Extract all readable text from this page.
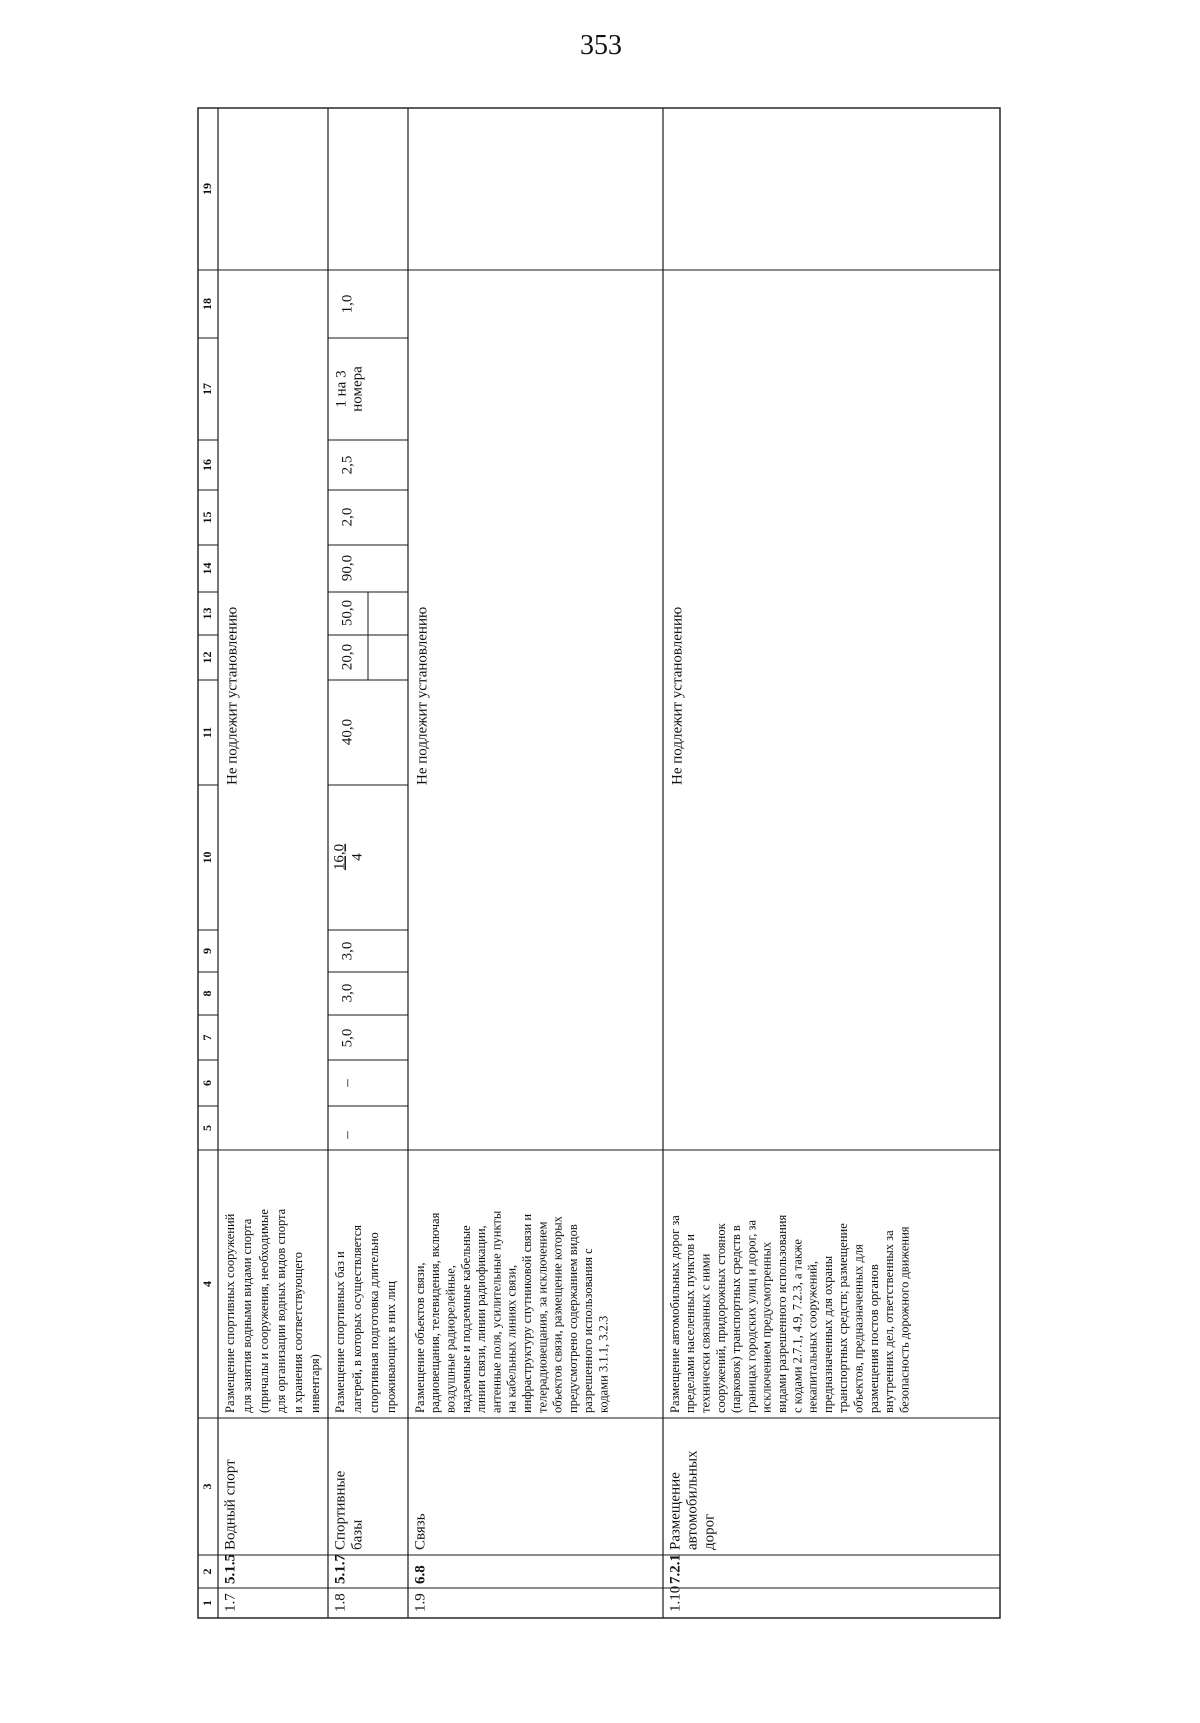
353
1
2
3
4
5
6
7
8
9
10
11
12
13
14
15
16
17
18
19
1.7
5.1.5
Водный спорт
Размещение спортивных сооружений для занятия водными видами спорта (причалы и сооружения, необходимые для организации водных видов спорта и хранения соответствующего инвентаря)
Не подлежит установлению
1.8
5.1.7
Спортивные базы
Размещение спортивных баз и лагерей, в которых осуществляется спортивная подготовка длительно проживающих в них лиц
1.9
6.8
Связь
Размещение объектов связи, радиовещания, телевидения, включая воздушные радиорелейные, надземные и подземные кабельные линии связи, линии радиофикации, антенные поля, усилительные пункты на кабельных линиях связи, инфраструктуру спутниковой связи и телерадиовещания, за исключением объектов связи, размещение которых предусмотрено содержанием видов разрешенного использования с кодами 3.1.1, 3.2.3
Не подлежит установлению
1.10
7.2.1
Размещение автомобильных дорог
Размещение автомобильных дорог за пределами населенных пунктов и технически связанных с ними сооружений, придорожных стоянок (парковок) транспортных средств в границах городских улиц и дорог, за исключением предусмотренных видами разрешенного использования с кодами 2.7.1, 4.9, 7.2.3, а также некапитальных сооружений, предназначенных для охраны транспортных средств; размещение объектов, предназначенных для размещения постов органов внутренних дел, ответственных за безопасность дорожного движения
Не подлежит установлению
–
–
5,0
3,0
3,0
16,0 4
40,0
20,0
50,0
90,0
2,0
2,5
1 на 3 номера
1,0
